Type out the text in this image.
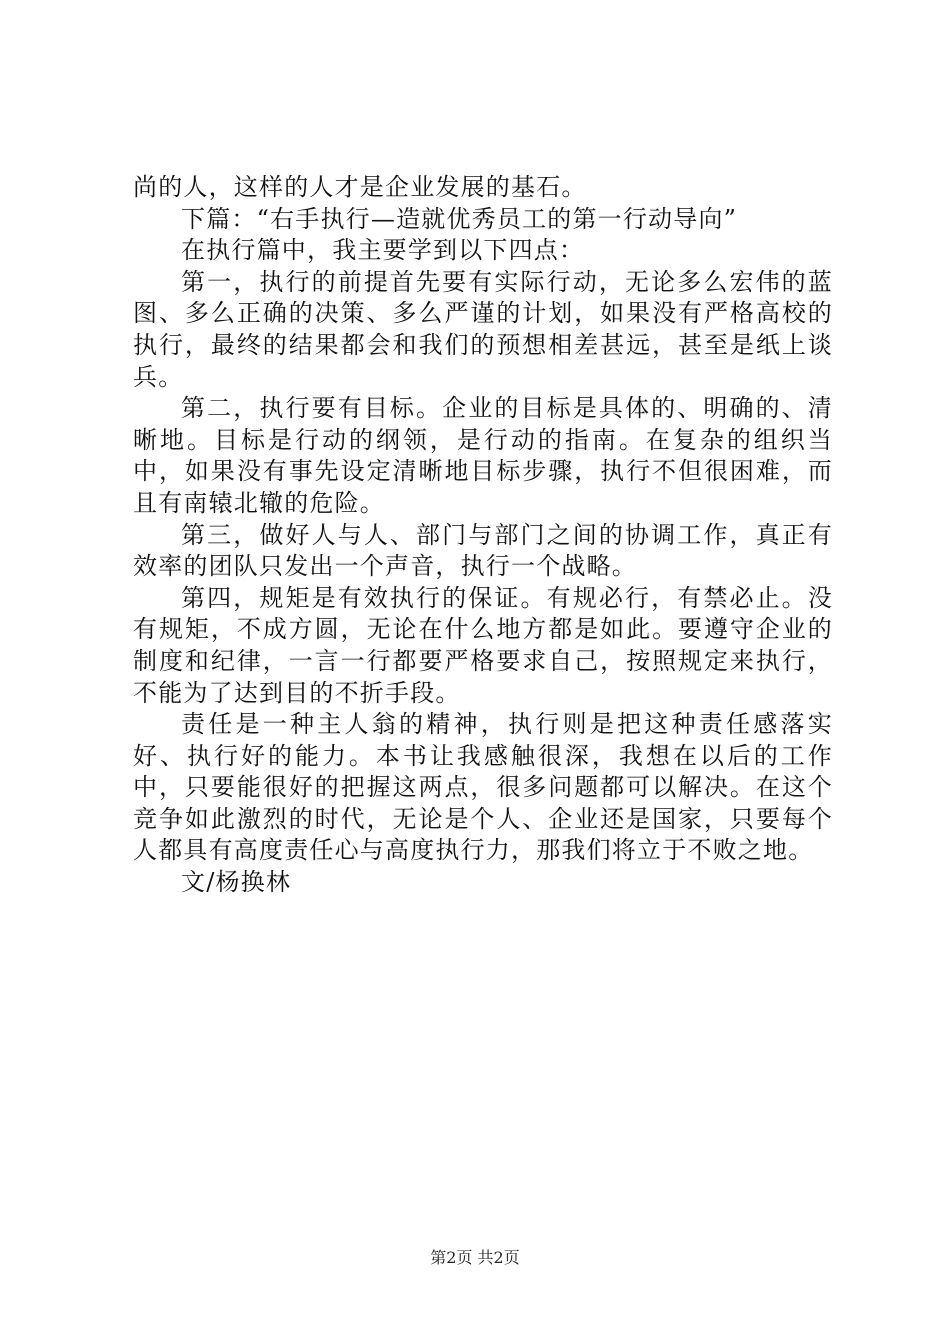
尚的人，这样的人才是企业发展的基石。

下篇：“右手执行—造就优秀员工的第一行动导向”

在执行篇中，我主要学到以下四点：

第一，执行的前提首先要有实际行动，无论多么宏伟的蓝图、多么正确的决策、多么严谨的计划，如果没有严格高校的执行，最终的结果都会和我们的预想相差甚远，甚至是纸上谈兵。

第二，执行要有目标。企业的目标是具体的、明确的、清晰地。目标是行动的纲领，是行动的指南。在复杂的组织当中，如果没有事先设定清晰地目标步骤，执行不但很困难，而且有南辕北辙的危险。

第三，做好人与人、部门与部门之间的协调工作，真正有效率的团队只发出一个声音，执行一个战略。

第四，规矩是有效执行的保证。有规必行，有禁必止。没有规矩，不成方圆，无论在什么地方都是如此。要遵守企业的制度和纪律，一言一行都要严格要求自己，按照规定来执行，不能为了达到目的不折手段。

责任是一种主人翁的精神，执行则是把这种责任感落实好、执行好的能力。本书让我感触很深，我想在以后的工作中，只要能很好的把握这两点，很多问题都可以解决。在这个竞争如此激烈的时代，无论是个人、企业还是国家，只要每个人都具有高度责任心与高度执行力，那我们将立于不败之地。

文/杨换林

第2页 共2页
